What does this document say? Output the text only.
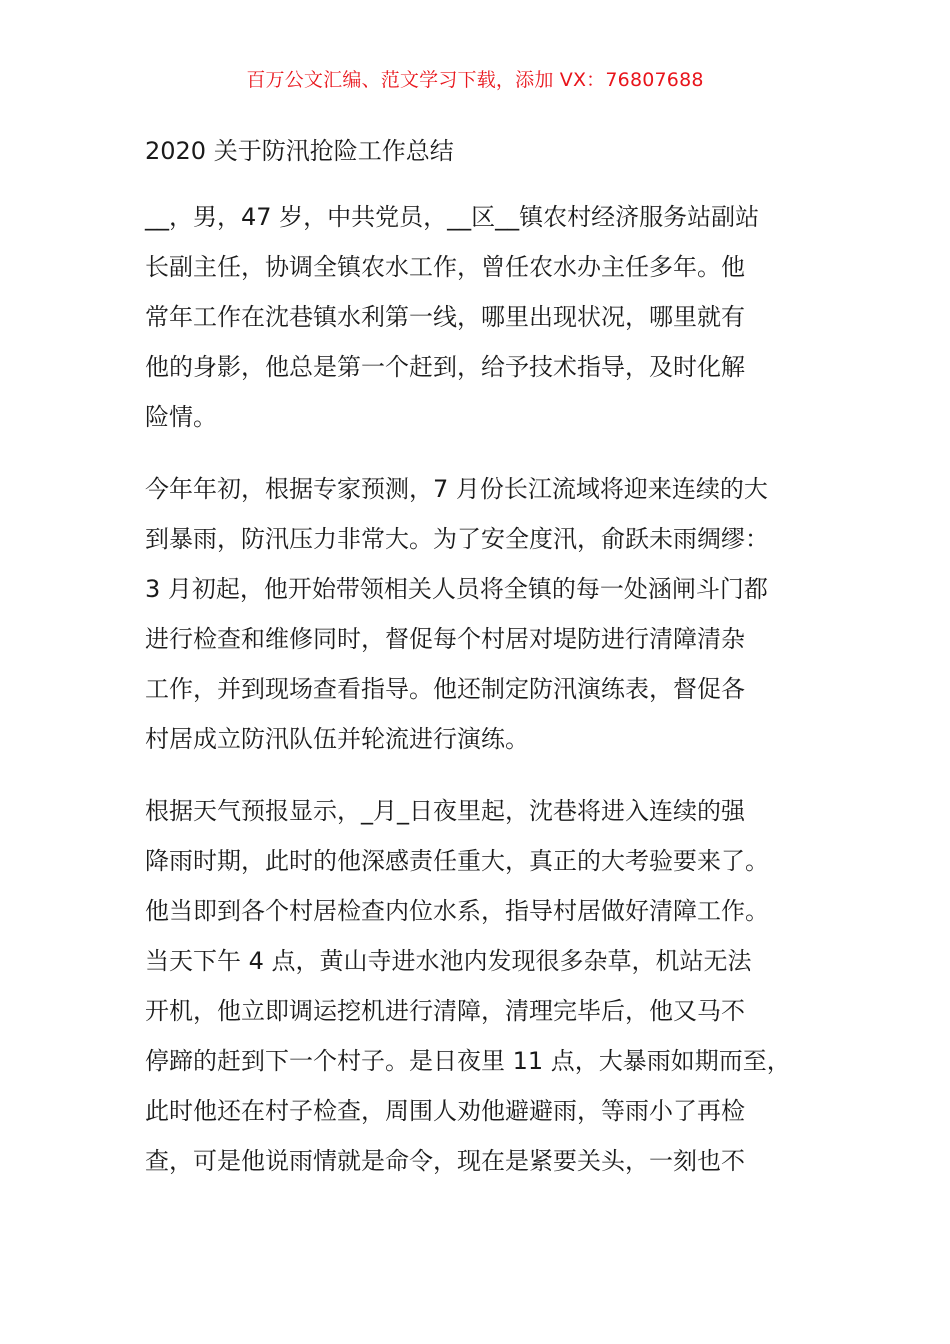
百万公文汇编、范文学习下载，添加 VX：76807688
2020 关于防汛抢险工作总结

__，男，47 岁，中共党员，__区__镇农村经济服务站副站
长副主任，协调全镇农水工作，曾任农水办主任多年。他
常年工作在沈巷镇水利第一线，哪里出现状况，哪里就有
他的身影，他总是第一个赶到，给予技术指导，及时化解
险情。

今年年初，根据专家预测，7 月份长江流域将迎来连续的大
到暴雨，防汛压力非常大。为了安全度汛，俞跃未雨绸缪：
3 月初起，他开始带领相关人员将全镇的每一处涵闸斗门都
进行检查和维修同时，督促每个村居对堤防进行清障清杂
工作，并到现场查看指导。他还制定防汛演练表，督促各
村居成立防汛队伍并轮流进行演练。

根据天气预报显示，_月_日夜里起，沈巷将进入连续的强
降雨时期，此时的他深感责任重大，真正的大考验要来了。
他当即到各个村居检查内位水系，指导村居做好清障工作。
当天下午 4 点，黄山寺进水池内发现很多杂草，机站无法
开机，他立即调运挖机进行清障，清理完毕后，他又马不
停蹄的赶到下一个村子。是日夜里 11 点，大暴雨如期而至，
此时他还在村子检查，周围人劝他避避雨，等雨小了再检
查，可是他说雨情就是命令，现在是紧要关头，一刻也不
